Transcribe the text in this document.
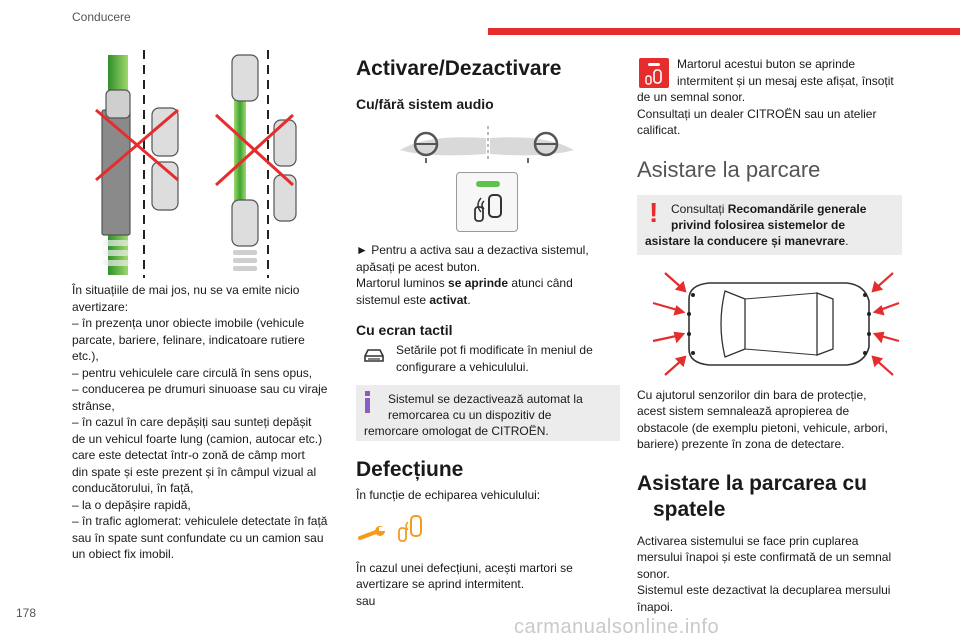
Conducere

În situațiile de mai jos, nu se va emite nicio

avertizare:

– în prezența unor obiecte imobile (vehicule

parcate, bariere, felinare, indicatoare rutiere

etc.),

– pentru vehiculele care circulă în sens opus,

– conducerea pe drumuri sinuoase sau cu viraje

strânse,

– în cazul în care depășiți sau sunteți depășit

de un vehicul foarte lung (camion, autocar etc.)

care este detectat într-o zonă de câmp mort

din spate și este prezent și în câmpul vizual al

conducătorului, în față,

– la o depășire rapidă,

– în trafic aglomerat: vehiculele detectate în față

sau în spate sunt confundate cu un camion sau

un obiect fix imobil.

Activare/Dezactivare
Cu/fără sistem audio

► Pentru a activa sau a dezactiva sistemul,

apăsați pe acest buton.

Martorul luminos se aprinde atunci când

sistemul este activat.

Cu ecran tactil

Setările pot fi modificate în meniul de

configurare a vehiculului.

Sistemul se dezactivează automat la

remorcarea cu un dispozitiv de

remorcare omologat de CITROËN.

Defecțiune

În funcție de echiparea vehiculului:

În cazul unei defecțiuni, acești martori se

avertizare se aprind intermitent.

sau

Martorul acestui buton se aprinde

intermitent și un mesaj este afișat, însoțit

de un semnal sonor.

Consultați un dealer CITROËN sau un atelier

calificat.

Asistare la parcare
! Consultați Recomandările generale

privind folosirea sistemelor de

asistare la conducere și manevrare.

Cu ajutorul senzorilor din bara de protecție,

acest sistem semnalează apropierea de

obstacole (de exemplu pietoni, vehicule, arbori,

bariere) prezente în zona de detectare.

Asistare la parcarea cu
spatele

Activarea sistemului se face prin cuplarea

mersului înapoi și este confirmată de un semnal

sonor.

Sistemul este dezactivat la decuplarea mersului

înapoi.

178
carmanualsonline.info
